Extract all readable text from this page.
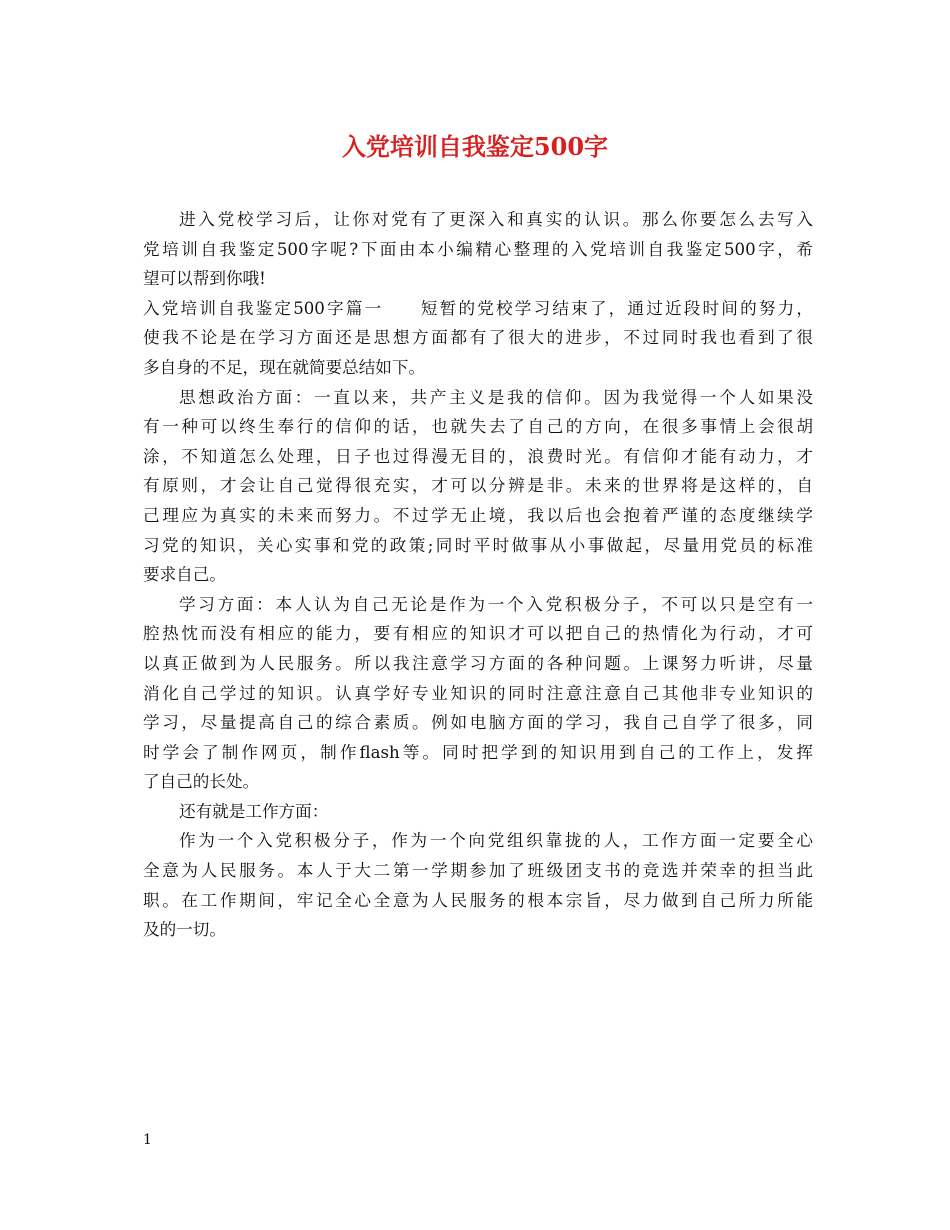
入党培训自我鉴定500字
进入党校学习后，让你对党有了更深入和真实的认识。那么你要怎么去写入
党培训自我鉴定500字呢?下面由本小编精心整理的入党培训自我鉴定500字，希
望可以帮到你哦!
入党培训自我鉴定500字篇一　　短暂的党校学习结束了，通过近段时间的努力，
使我不论是在学习方面还是思想方面都有了很大的进步，不过同时我也看到了很
多自身的不足，现在就简要总结如下。
思想政治方面：一直以来，共产主义是我的信仰。因为我觉得一个人如果没
有一种可以终生奉行的信仰的话，也就失去了自己的方向，在很多事情上会很胡
涂，不知道怎么处理，日子也过得漫无目的，浪费时光。有信仰才能有动力，才
有原则，才会让自己觉得很充实，才可以分辨是非。未来的世界将是这样的，自
己理应为真实的未来而努力。不过学无止境，我以后也会抱着严谨的态度继续学
习党的知识，关心实事和党的政策;同时平时做事从小事做起，尽量用党员的标准
要求自己。
学习方面：本人认为自己无论是作为一个入党积极分子，不可以只是空有一
腔热忱而没有相应的能力，要有相应的知识才可以把自己的热情化为行动，才可
以真正做到为人民服务。所以我注意学习方面的各种问题。上课努力听讲，尽量
消化自己学过的知识。认真学好专业知识的同时注意注意自己其他非专业知识的
学习，尽量提高自己的综合素质。例如电脑方面的学习，我自己自学了很多，同
时学会了制作网页，制作flash等。同时把学到的知识用到自己的工作上，发挥
了自己的长处。
还有就是工作方面：
作为一个入党积极分子，作为一个向党组织靠拢的人，工作方面一定要全心
全意为人民服务。本人于大二第一学期参加了班级团支书的竞选并荣幸的担当此
职。在工作期间，牢记全心全意为人民服务的根本宗旨，尽力做到自己所力所能
及的一切。
1
